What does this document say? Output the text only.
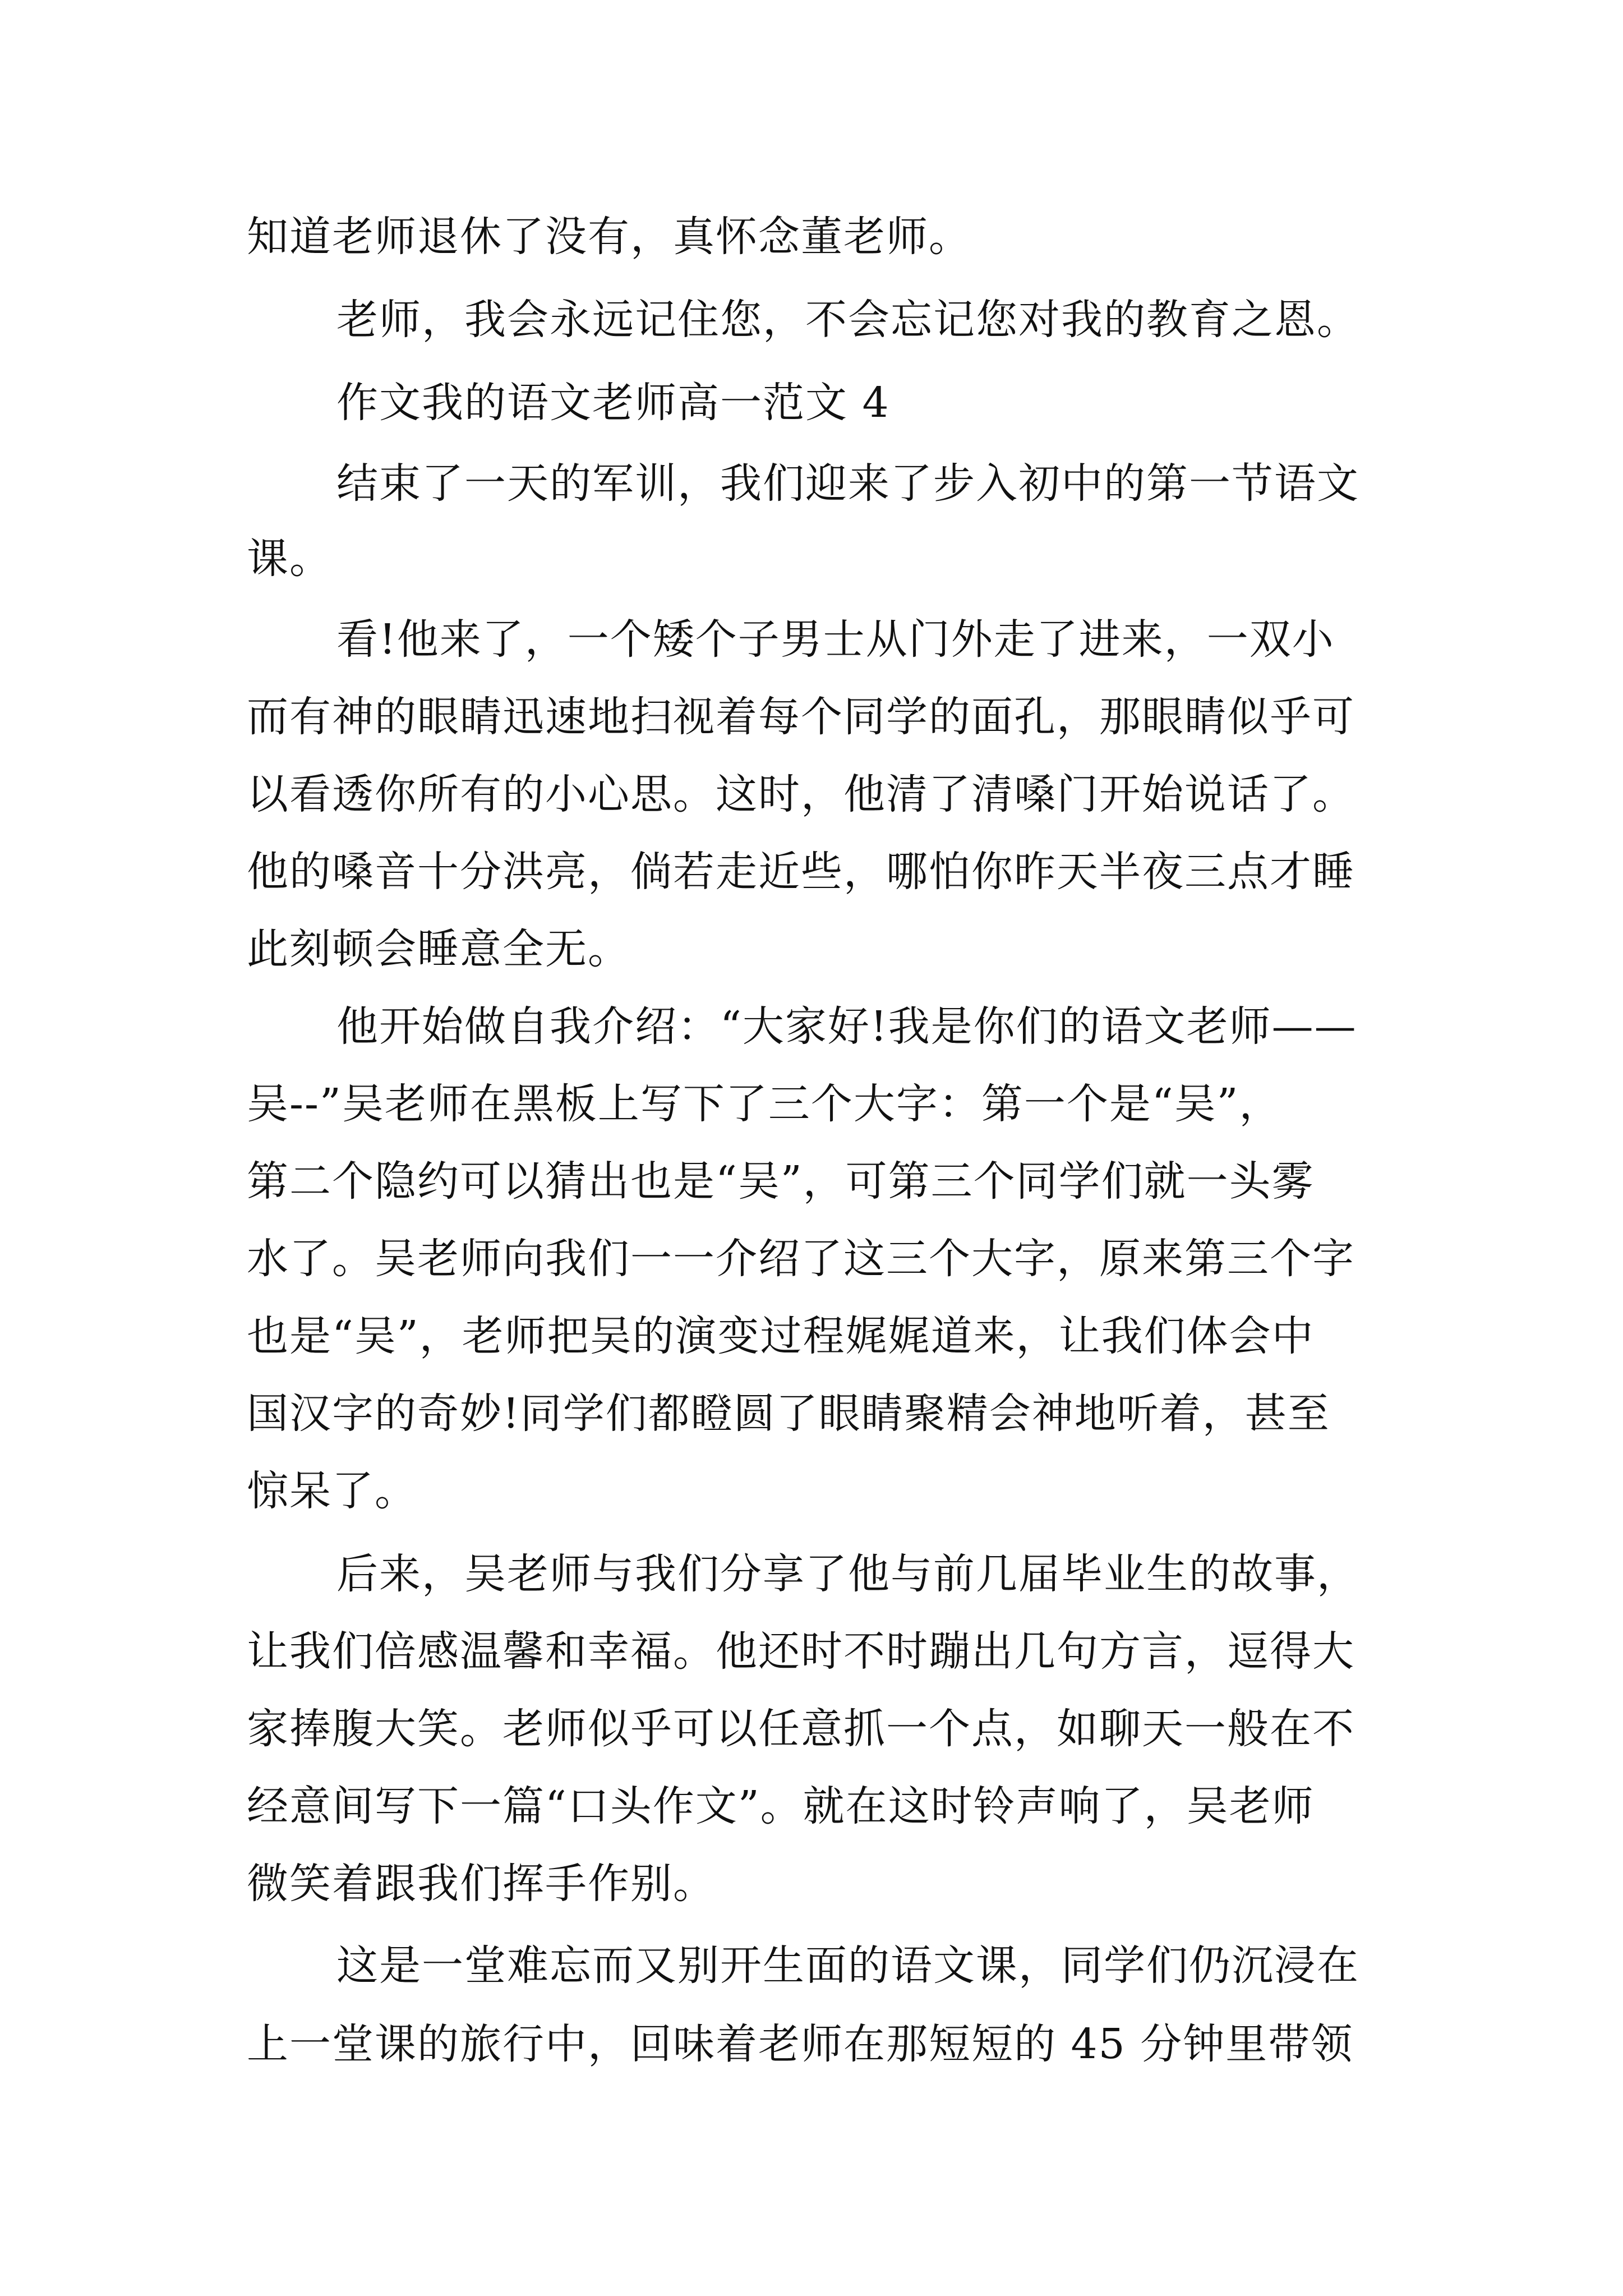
知道老师退休了没有，真怀念董老师。
老师，我会永远记住您，不会忘记您对我的教育之恩。
作文我的语文老师高一范文 4
结束了一天的军训，我们迎来了步入初中的第一节语文
课。
看!他来了，一个矮个子男士从门外走了进来，一双小
而有神的眼睛迅速地扫视着每个同学的面孔，那眼睛似乎可
以看透你所有的小心思。这时，他清了清嗓门开始说话了。
他的嗓音十分洪亮，倘若走近些，哪怕你昨天半夜三点才睡
此刻顿会睡意全无。
他开始做自我介绍：“大家好!我是你们的语文老师——
吴--”吴老师在黑板上写下了三个大字：第一个是“吴”，
第二个隐约可以猜出也是“吴”，可第三个同学们就一头雾
水了。吴老师向我们一一介绍了这三个大字，原来第三个字
也是“吴”，老师把吴的演变过程娓娓道来，让我们体会中
国汉字的奇妙!同学们都瞪圆了眼睛聚精会神地听着，甚至
惊呆了。
后来，吴老师与我们分享了他与前几届毕业生的故事，
让我们倍感温馨和幸福。他还时不时蹦出几句方言，逗得大
家捧腹大笑。老师似乎可以任意抓一个点，如聊天一般在不
经意间写下一篇“口头作文”。就在这时铃声响了，吴老师
微笑着跟我们挥手作别。
这是一堂难忘而又别开生面的语文课，同学们仍沉浸在
上一堂课的旅行中，回味着老师在那短短的 45 分钟里带领
